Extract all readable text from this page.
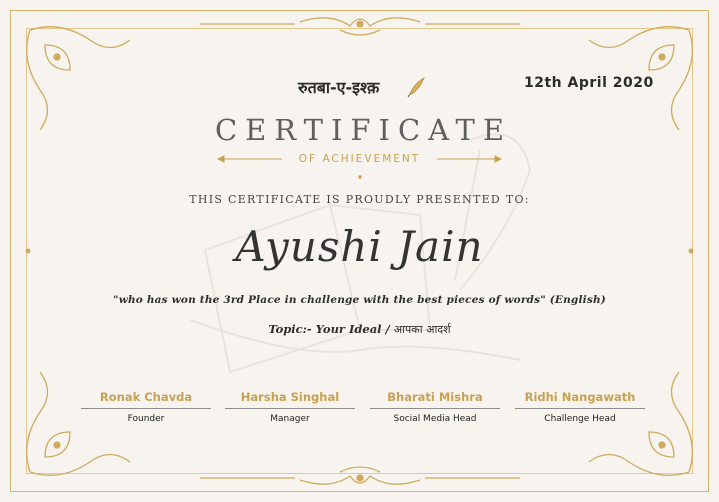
रुतबा-ए-इश्क़	12th April 2020
CERTIFICATE
OF ACHIEVEMENT
THIS CERTIFICATE IS PROUDLY PRESENTED TO:
Ayushi Jain
"who has won the 3rd Place in challenge with the best pieces of words" (English)
Topic:- Your Ideal / आपका आदर्श
Ronak Chavda
Founder
Harsha Singhal
Manager
Bharati Mishra
Social Media Head
Ridhi Nangawath
Challenge Head
